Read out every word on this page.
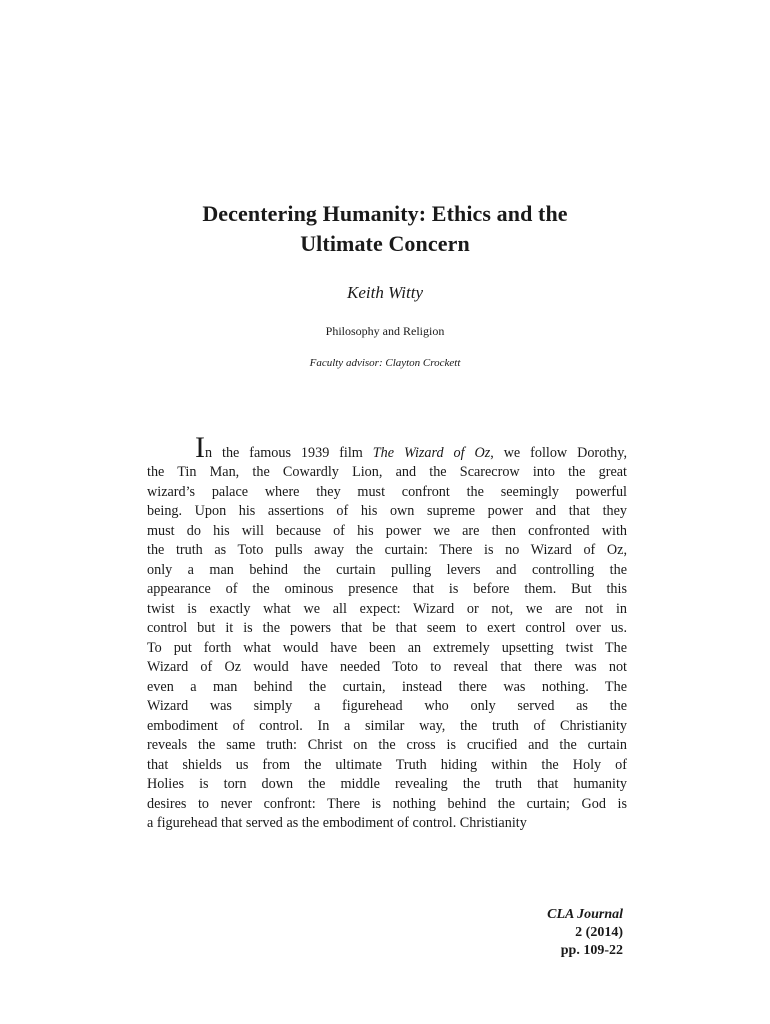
Decentering Humanity: Ethics and the
Ultimate Concern
Keith Witty
Philosophy and Religion
Faculty advisor: Clayton Crockett
In the famous 1939 film The Wizard of Oz, we follow Dorothy,
the Tin Man, the Cowardly Lion, and the Scarecrow into the great
wizard’s palace where they must confront the seemingly powerful
being. Upon his assertions of his own supreme power and that they
must do his will because of his power we are then confronted with
the truth as Toto pulls away the curtain: There is no Wizard of Oz,
only a man behind the curtain pulling levers and controlling the
appearance of the ominous presence that is before them. But this
twist is exactly what we all expect: Wizard or not, we are not in
control but it is the powers that be that seem to exert control over us.
To put forth what would have been an extremely upsetting twist The
Wizard of Oz would have needed Toto to reveal that there was not
even a man behind the curtain, instead there was nothing. The
Wizard was simply a figurehead who only served as the
embodiment of control. In a similar way, the truth of Christianity
reveals the same truth: Christ on the cross is crucified and the curtain
that shields us from the ultimate Truth hiding within the Holy of
Holies is torn down the middle revealing the truth that humanity
desires to never confront: There is nothing behind the curtain; God is
a figurehead that served as the embodiment of control. Christianity
CLA Journal
2 (2014)
pp. 109-22
